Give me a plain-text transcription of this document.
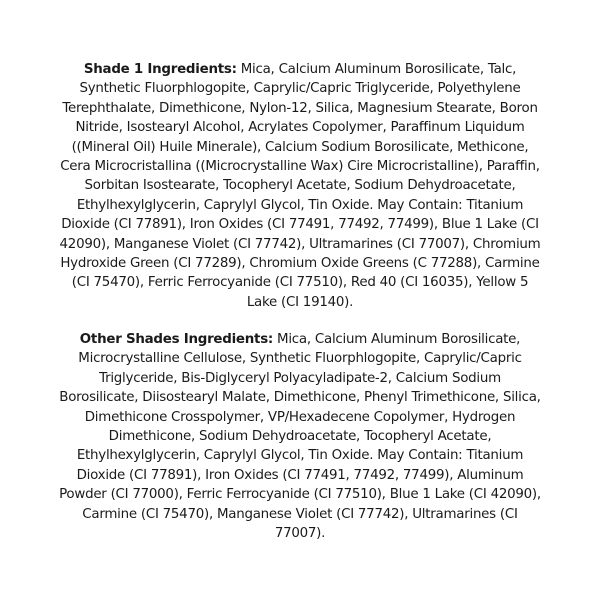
Shade 1 Ingredients: Mica, Calcium Aluminum Borosilicate, Talc, Synthetic Fluorphlogopite, Caprylic/Capric Triglyceride, Polyethylene Terephthalate, Dimethicone, Nylon-12, Silica, Magnesium Stearate, Boron Nitride, Isostearyl Alcohol, Acrylates Copolymer, Paraffinum Liquidum ((Mineral Oil) Huile Minerale), Calcium Sodium Borosilicate, Methicone, Cera Microcristallina ((Microcrystalline Wax) Cire Microcristalline), Paraffin, Sorbitan Isostearate, Tocopheryl Acetate, Sodium Dehydroacetate, Ethylhexylglycerin, Caprylyl Glycol, Tin Oxide. May Contain: Titanium Dioxide (CI 77891), Iron Oxides (CI 77491, 77492, 77499), Blue 1 Lake (CI 42090), Manganese Violet (CI 77742), Ultramarines (CI 77007), Chromium Hydroxide Green (CI 77289), Chromium Oxide Greens (C 77288), Carmine (CI 75470), Ferric Ferrocyanide (CI 77510), Red 40 (CI 16035), Yellow 5 Lake (CI 19140).

Other Shades Ingredients: Mica, Calcium Aluminum Borosilicate, Microcrystalline Cellulose, Synthetic Fluorphlogopite, Caprylic/Capric Triglyceride, Bis-Diglyceryl Polyacyladipate-2, Calcium Sodium Borosilicate, Diisostearyl Malate, Dimethicone, Phenyl Trimethicone, Silica, Dimethicone Crosspolymer, VP/Hexadecene Copolymer, Hydrogen Dimethicone, Sodium Dehydroacetate, Tocopheryl Acetate, Ethylhexylglycerin, Caprylyl Glycol, Tin Oxide. May Contain: Titanium Dioxide (CI 77891), Iron Oxides (CI 77491, 77492, 77499), Aluminum Powder (CI 77000), Ferric Ferrocyanide (CI 77510), Blue 1 Lake (CI 42090), Carmine (CI 75470), Manganese Violet (CI 77742), Ultramarines (CI 77007).
